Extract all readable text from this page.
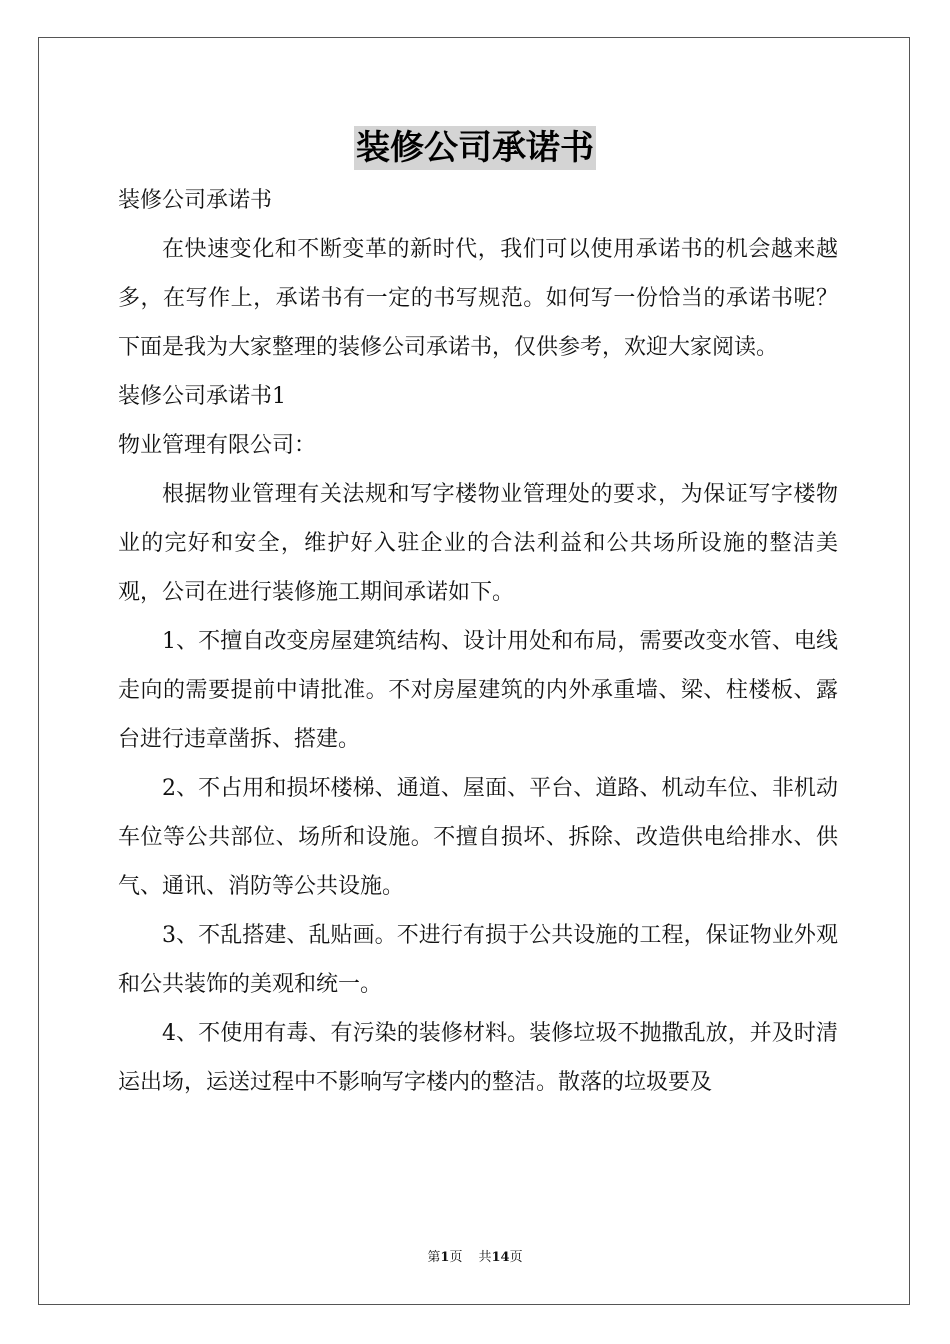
装修公司承诺书

装修公司承诺书

在快速变化和不断变革的新时代，我们可以使用承诺书的机会越来越多，在写作上，承诺书有一定的书写规范。如何写一份恰当的承诺书呢？下面是我为大家整理的装修公司承诺书，仅供参考，欢迎大家阅读。

装修公司承诺书1

物业管理有限公司：

根据物业管理有关法规和写字楼物业管理处的要求，为保证写字楼物业的完好和安全，维护好入驻企业的合法利益和公共场所设施的整洁美观，公司在进行装修施工期间承诺如下。

1、不擅自改变房屋建筑结构、设计用处和布局，需要改变水管、电线走向的需要提前中请批准。不对房屋建筑的内外承重墙、梁、柱楼板、露台进行违章凿拆、搭建。

2、不占用和损坏楼梯、通道、屋面、平台、道路、机动车位、非机动车位等公共部位、场所和设施。不擅自损坏、拆除、改造供电给排水、供气、通讯、消防等公共设施。

3、不乱搭建、乱贴画。不进行有损于公共设施的工程，保证物业外观和公共装饰的美观和统一。

4、不使用有毒、有污染的装修材料。装修垃圾不抛撒乱放，并及时清运出场，运送过程中不影响写字楼内的整洁。散落的垃圾要及

第1页 共14页
